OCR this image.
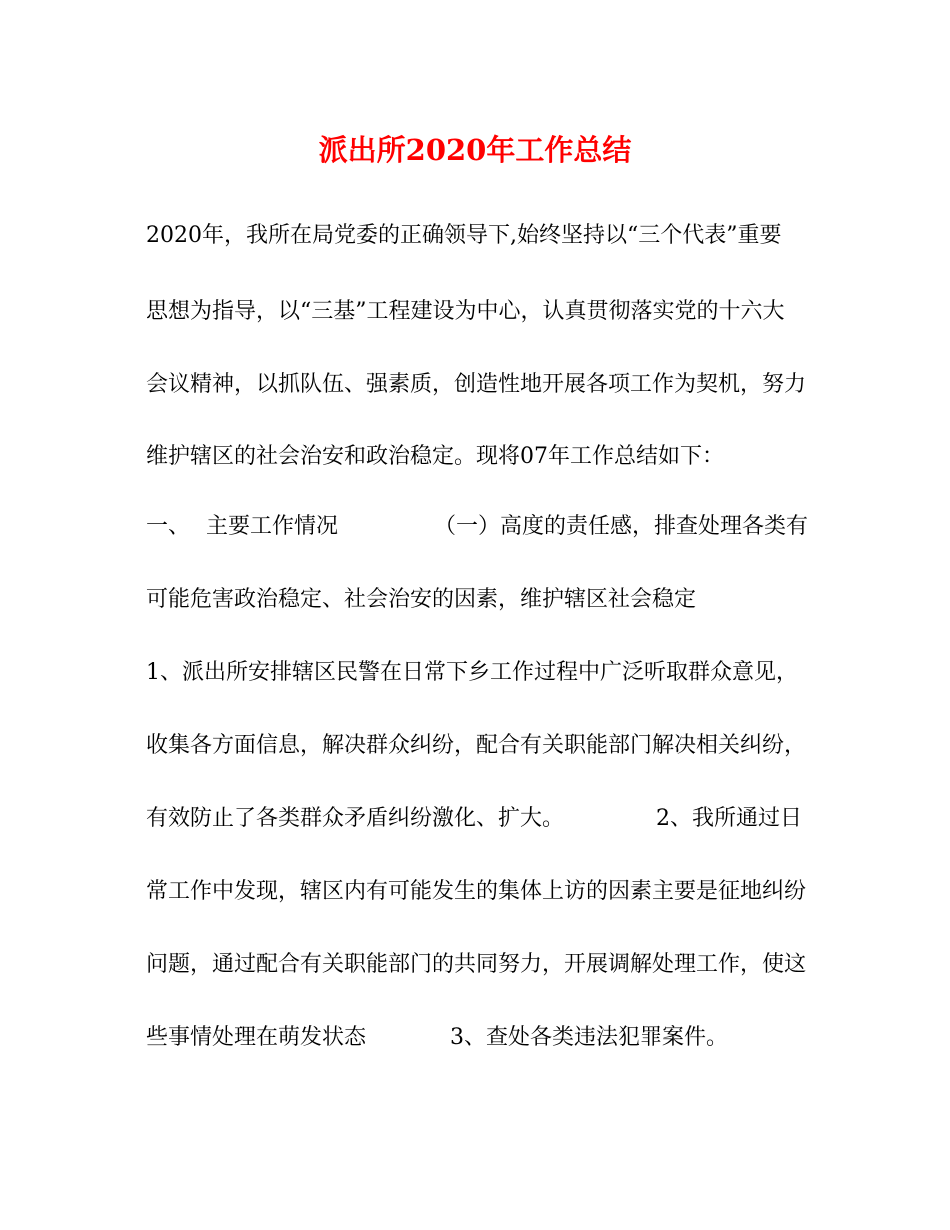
派出所2020年工作总结
2020年，我所在局党委的正确领导下,始终坚持以“三个代表”重要
思想为指导，以“三基”工程建设为中心，认真贯彻落实党的十六大
会议精神，以抓队伍、强素质，创造性地开展各项工作为契机，努力
维护辖区的社会治安和政治稳定。现将07年工作总结如下：
一、 主要工作情况	（一）高度的责任感，排查处理各类有
可能危害政治稳定、社会治安的因素，维护辖区社会稳定
1、派出所安排辖区民警在日常下乡工作过程中广泛听取群众意见，
收集各方面信息，解决群众纠纷，配合有关职能部门解决相关纠纷，
有效防止了各类群众矛盾纠纷激化、扩大。	2、我所通过日
常工作中发现，辖区内有可能发生的集体上访的因素主要是征地纠纷
问题，通过配合有关职能部门的共同努力，开展调解处理工作，使这
些事情处理在萌发状态	3、查处各类违法犯罪案件。
